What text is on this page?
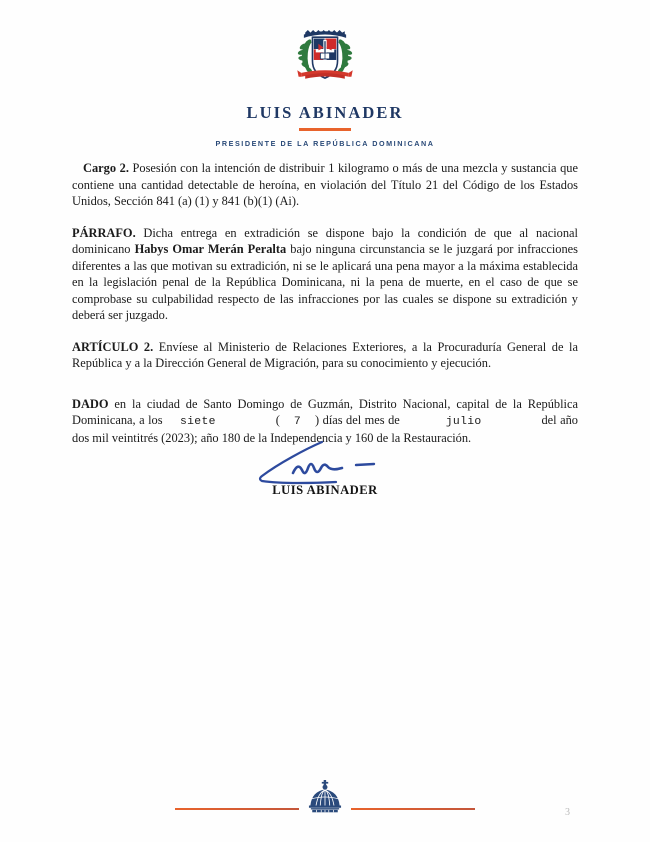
LUIS ABINADER
PRESIDENTE DE LA REPÚBLICA DOMINICANA

Cargo 2. Posesión con la intención de distribuir 1 kilogramo o más de una mezcla y sustancia que contiene una cantidad detectable de heroína, en violación del Título 21 del Código de los Estados Unidos, Sección 841 (a) (1) y 841 (b)(1) (Ai).

PÁRRAFO. Dicha entrega en extradición se dispone bajo la condición de que al nacional dominicano Habys Omar Merán Peralta bajo ninguna circunstancia se le juzgará por infracciones diferentes a las que motivan su extradición, ni se le aplicará una pena mayor a la máxima establecida en la legislación penal de la República Dominicana, ni la pena de muerte, en el caso de que se comprobase su culpabilidad respecto de las infracciones por las cuales se dispone su extradición y deberá ser juzgado.

ARTÍCULO 2. Envíese al Ministerio de Relaciones Exteriores, a la Procuraduría General de la República y a la Dirección General de Migración, para su conocimiento y ejecución.

DADO en la ciudad de Santo Domingo de Guzmán, Distrito Nacional, capital de la República Dominicana, a los siete	( 7 ) días del mes de	julio	del año dos mil veintitrés (2023); año 180 de la Independencia y 160 de la Restauración.

LUIS ABINADER
3
